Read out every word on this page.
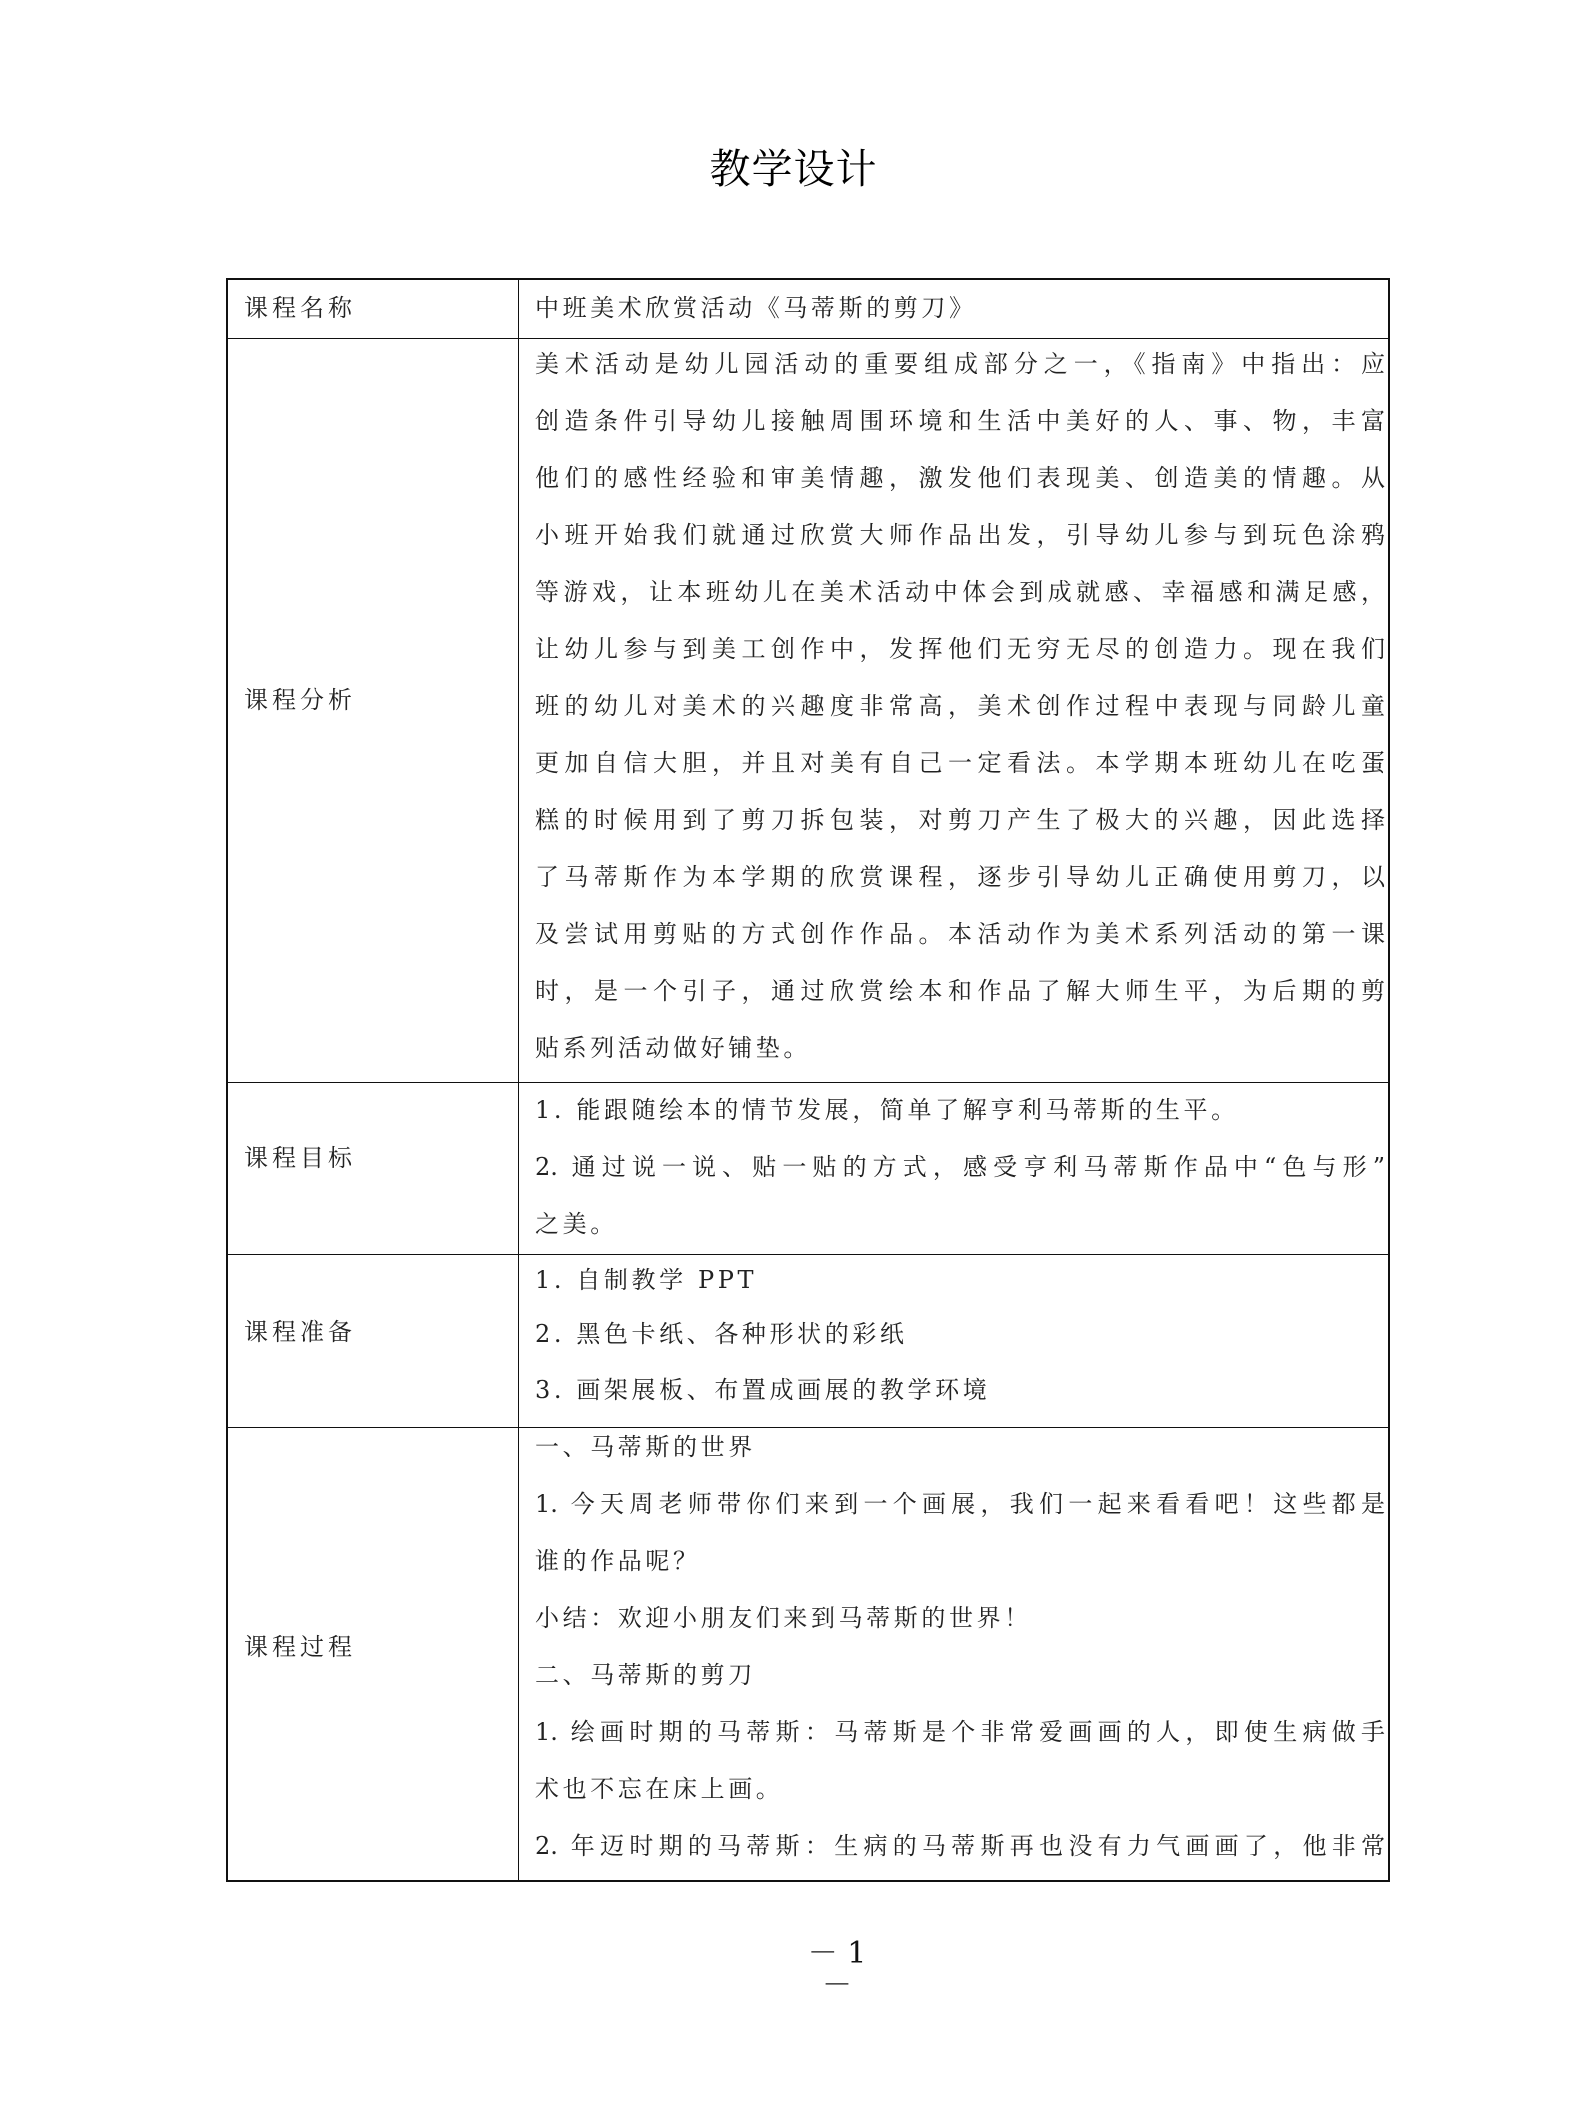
教学设计
课程名称	中班美术欣赏活动《马蒂斯的剪刀》
课程分析
美术活动是幼儿园活动的重要组成部分之一，《指南》中指出：应
创造条件引导幼儿接触周围环境和生活中美好的人、事、物，丰富
他们的感性经验和审美情趣，激发他们表现美、创造美的情趣。从
小班开始我们就通过欣赏大师作品出发，引导幼儿参与到玩色涂鸦
等游戏，让本班幼儿在美术活动中体会到成就感、幸福感和满足感，
让幼儿参与到美工创作中，发挥他们无穷无尽的创造力。现在我们
班的幼儿对美术的兴趣度非常高，美术创作过程中表现与同龄儿童
更加自信大胆，并且对美有自己一定看法。本学期本班幼儿在吃蛋
糕的时候用到了剪刀拆包装，对剪刀产生了极大的兴趣，因此选择
了马蒂斯作为本学期的欣赏课程，逐步引导幼儿正确使用剪刀，以
及尝试用剪贴的方式创作作品。本活动作为美术系列活动的第一课
时，是一个引子，通过欣赏绘本和作品了解大师生平，为后期的剪
贴系列活动做好铺垫。
课程目标
1. 能跟随绘本的情节发展，简单了解亨利马蒂斯的生平。
2. 通过说一说、贴一贴的方式，感受亨利马蒂斯作品中“色与形”
之美。
课程准备
1. 自制教学 PPT
2. 黑色卡纸、各种形状的彩纸
3. 画架展板、布置成画展的教学环境
课程过程
一、马蒂斯的世界
1. 今天周老师带你们来到一个画展，我们一起来看看吧！这些都是
谁的作品呢？
小结：欢迎小朋友们来到马蒂斯的世界！
二、马蒂斯的剪刀
1. 绘画时期的马蒂斯：马蒂斯是个非常爱画画的人，即使生病做手
术也不忘在床上画。
2. 年迈时期的马蒂斯：生病的马蒂斯再也没有力气画画了，他非常
－ 1 －
